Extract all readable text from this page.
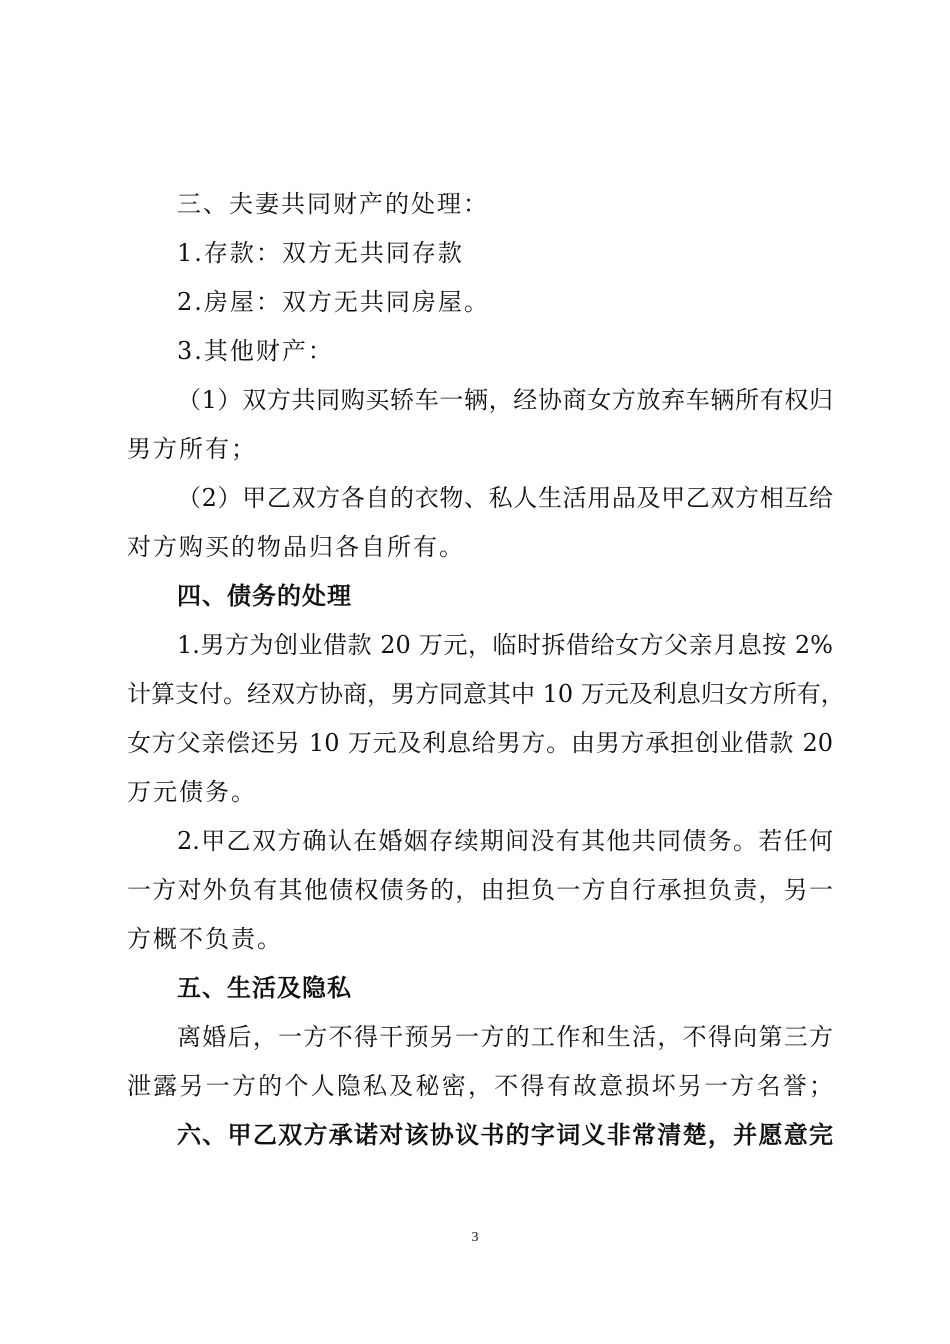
三、夫妻共同财产的处理：
1.存款：双方无共同存款
2.房屋：双方无共同房屋。
3.其他财产：
（1）双方共同购买轿车一辆，经协商女方放弃车辆所有权归
男方所有；
（2）甲乙双方各自的衣物、私人生活用品及甲乙双方相互给
对方购买的物品归各自所有。
四、债务的处理
1.男方为创业借款 20 万元，临时拆借给女方父亲月息按 2%
计算支付。经双方协商，男方同意其中 10 万元及利息归女方所有，
女方父亲偿还另 10 万元及利息给男方。由男方承担创业借款 20
万元债务。
2.甲乙双方确认在婚姻存续期间没有其他共同债务。若任何
一方对外负有其他债权债务的，由担负一方自行承担负责，另一
方概不负责。
五、生活及隐私
离婚后，一方不得干预另一方的工作和生活，不得向第三方
泄露另一方的个人隐私及秘密，不得有故意损坏另一方名誉；
六、甲乙双方承诺对该协议书的字词义非常清楚，并愿意完
3
